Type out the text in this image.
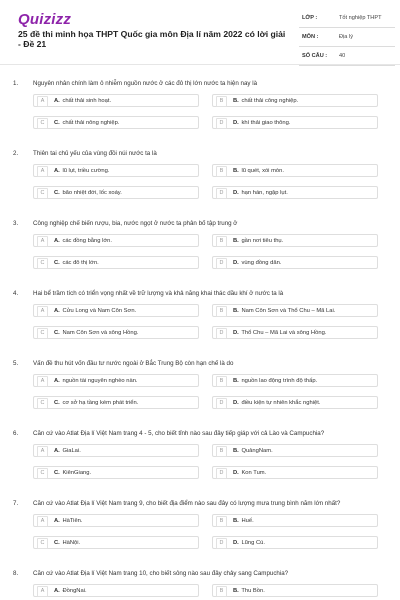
Quizizz
25 đề thi minh họa THPT Quốc gia môn Địa lí năm 2022 có lời giải - Đề 21
LỚP :	Tốt nghiệp THPT
MÔN :	Địa lý
SỐ CÂU : 40
1. Nguyên nhân chính làm ô nhiễm nguồn nước ở các đô thị lớn nước ta hiện nay là
A	A. chất thải sinh hoạt.	B	B. chất thải công nghiệp.
C	C. chất thải nông nghiệp.	D	D. khí thải giao thông.
2. Thiên tai chủ yếu của vùng đồi núi nước ta là
A	A. lũ lụt, triều cường.	B	B. lũ quét, xói mòn.
C	C. bão nhiệt đới, lốc xoáy.	D	D. hạn hán, ngập lụt.
3. Công nghiệp chế biến rượu, bia, nước ngọt ở nước ta phân bố tập trung ở
A	A. các đồng bằng lớn.	B	B. gần nơi tiêu thụ.
C	C. các đô thị lớn.	D	D. vùng đồng dân.
4. Hai bể trầm tích có triển vọng nhất về trữ lượng và khả năng khai thác dầu khí ở nước ta là
A	A. Cửu Long và Nam Côn Sơn.	B	B. Nam Côn Sơn và Thổ Chu – Mã Lai.
C	C. Nam Côn Sơn và sông Hồng.	D	D. Thổ Chu – Mã Lai và sông Hồng.
5. Vấn đề thu hút vốn đầu tư nước ngoài ở Bắc Trung Bộ còn hạn chế là do
A	A. nguồn tài nguyên nghèo nàn.	B	B. nguồn lao động trình độ thấp.
C	C. cơ sở hạ tầng kém phát triển.	D	D. điều kiện tự nhiên khắc nghiệt.
6. Căn cứ vào Atlat Địa lí Việt Nam trang 4 - 5, cho biết tỉnh nào sau đây tiếp giáp với cả Lào và Campuchia?
A	A. GiaLai.	B	B. QuảngNam.
C	C. KiênGiang.	D	D. Kon Tum.
7. Căn cứ vào Atlat Địa lí Việt Nam trang 9, cho biết địa điểm nào sau đây có lượng mưa trung bình năm lớn nhất?
A	A. HàTiên.	B	B. Huế.
C	C. HàNội.	D	D. Lũng Cú.
8. Căn cứ vào Atlat Địa lí Việt Nam trang 10, cho biết sông nào sau đây chảy sang Campuchia?
A	A. ĐồngNai.	B	B. Thu Bồn.
